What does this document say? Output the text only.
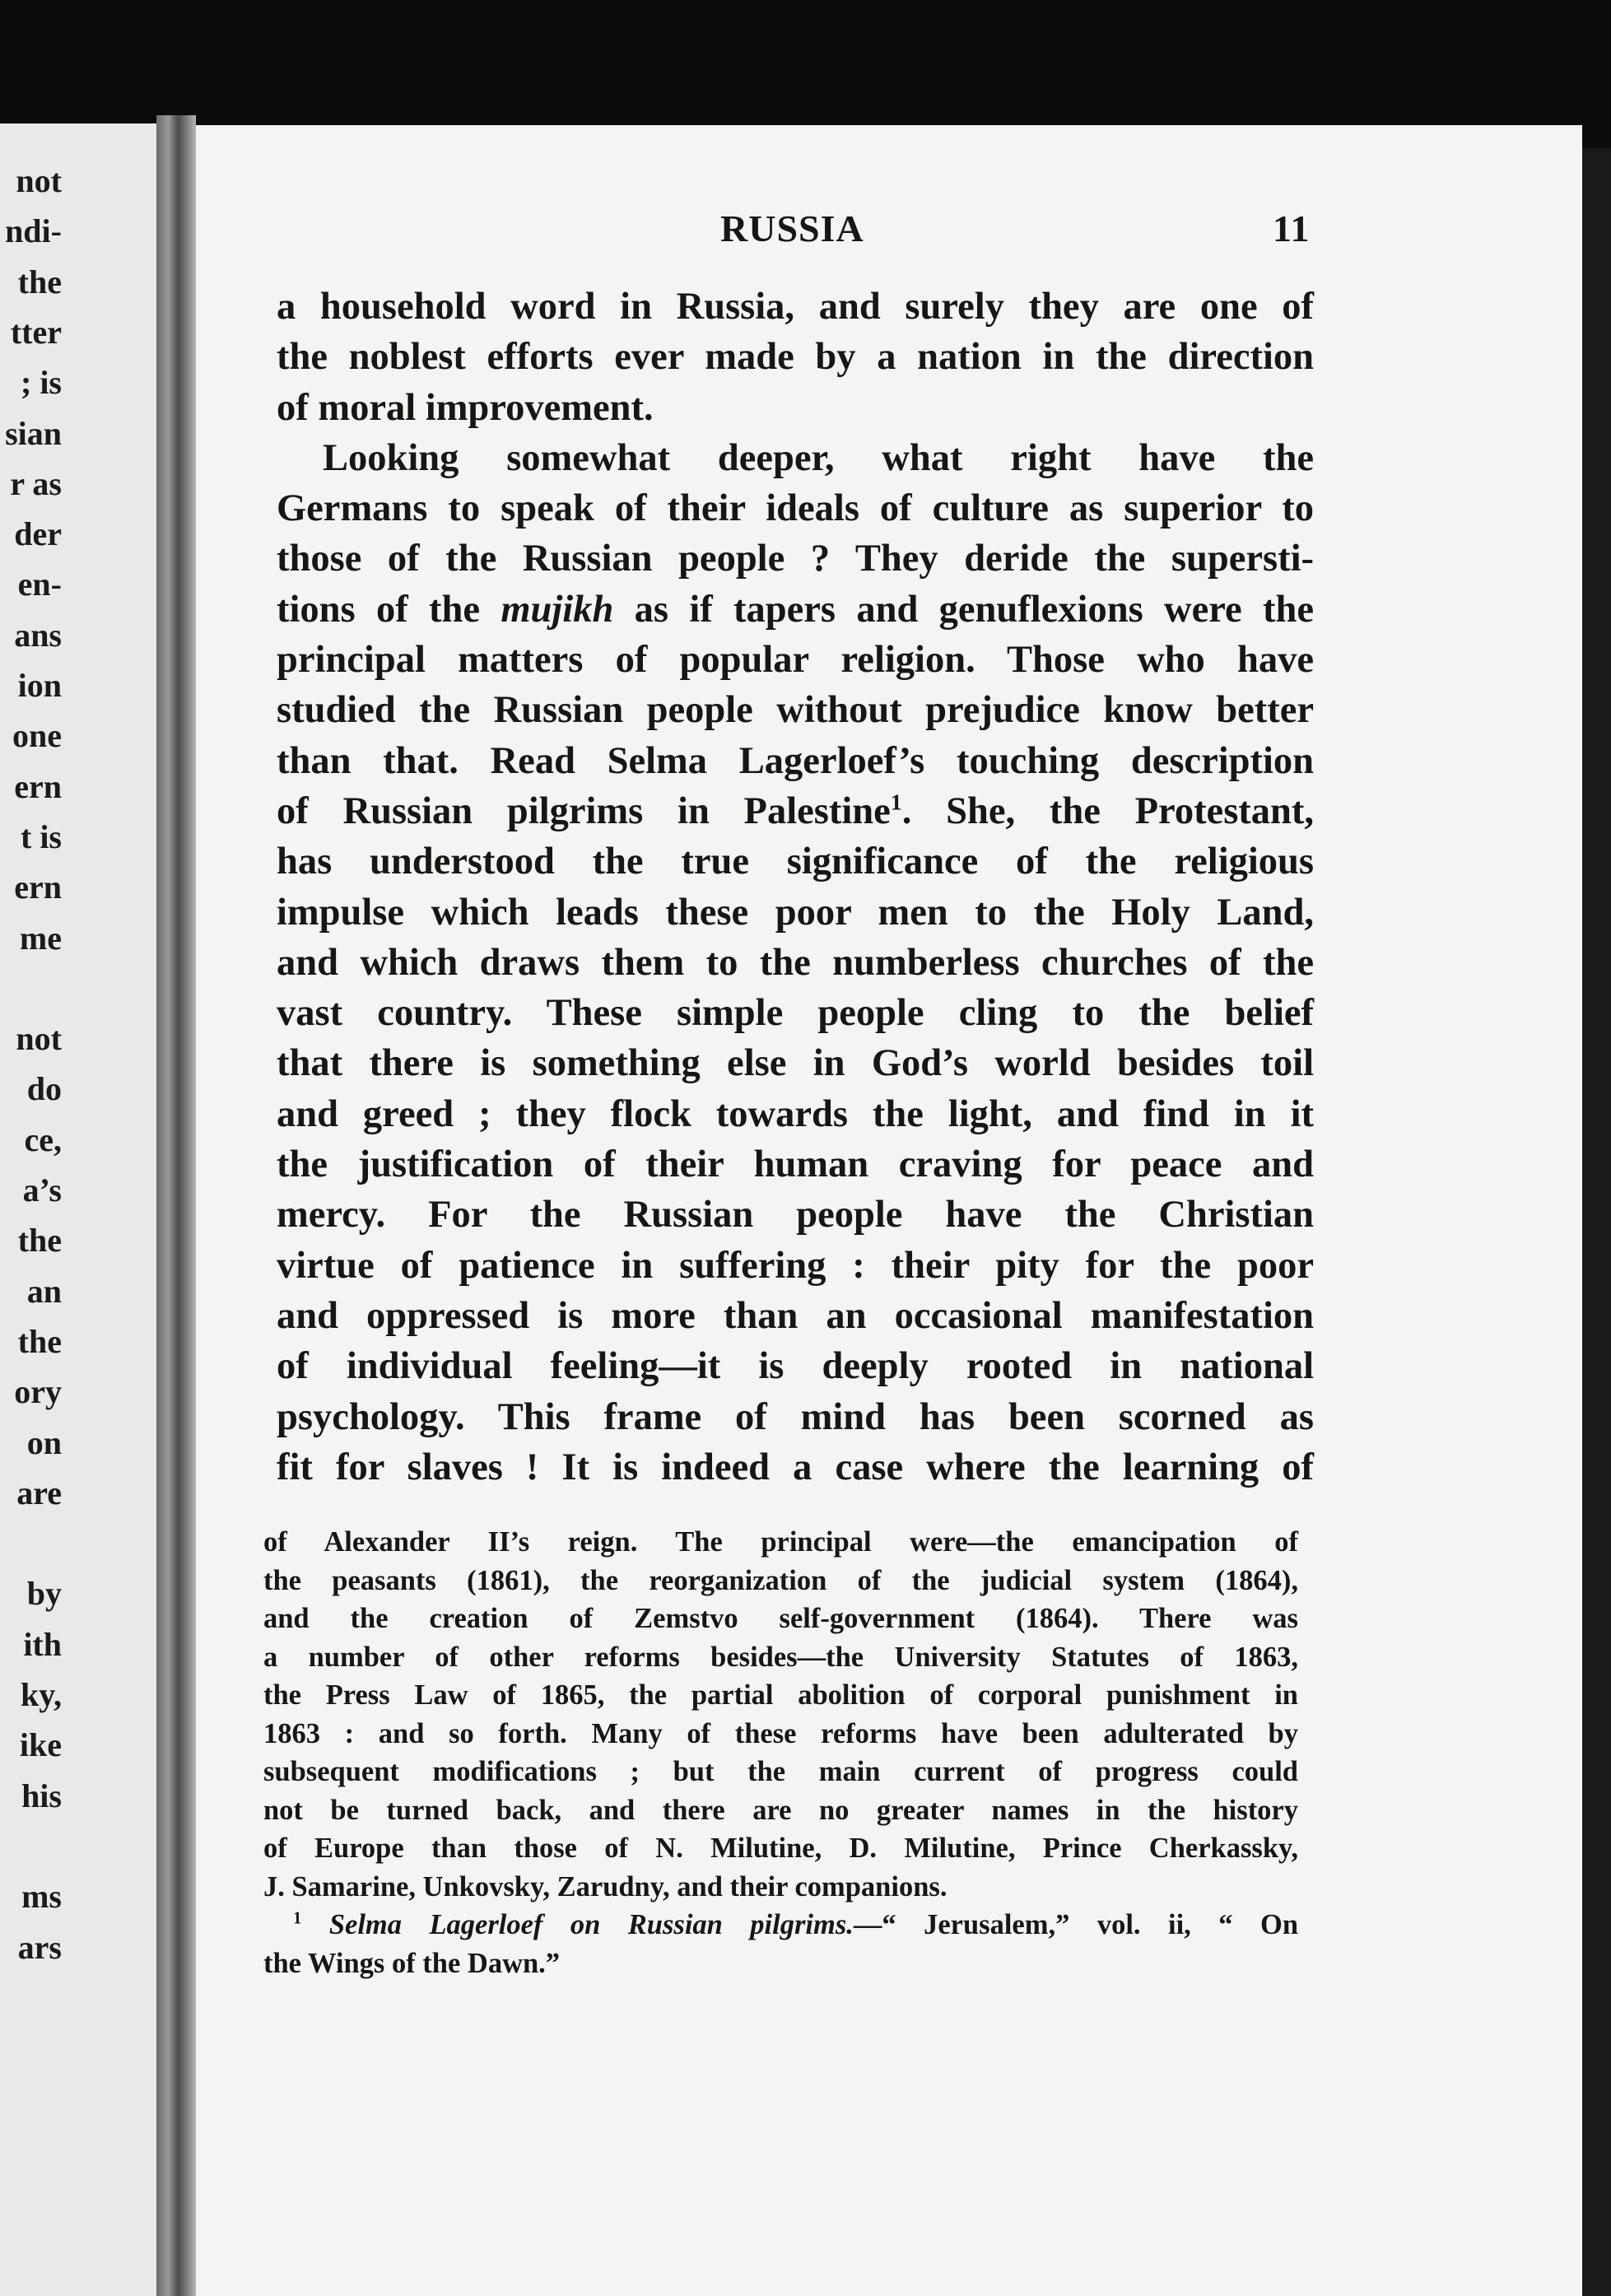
not
ndi-
the
tter
; is
sian
r as
der
en-
ans
ion
one
ern
t is
ern
me
not
do
ce,
a’s
the
an
the
ory
on
are
by
ith
ky,
ike
his
ms
ars
RUSSIA	11
a household word in Russia, and surely they are one of
the noblest efforts ever made by a nation in the direction
of moral improvement.
Looking somewhat deeper, what right have the
Germans to speak of their ideals of culture as superior to
those of the Russian people ? They deride the supersti-
tions of the mujikh as if tapers and genuflexions were the
principal matters of popular religion. Those who have
studied the Russian people without prejudice know better
than that. Read Selma Lagerloef’s touching description
of Russian pilgrims in Palestine$^1$. She, the Protestant,
has understood the true significance of the religious
impulse which leads these poor men to the Holy Land,
and which draws them to the numberless churches of the
vast country. These simple people cling to the belief
that there is something else in God’s world besides toil
and greed ; they flock towards the light, and find in it
the justification of their human craving for peace and
mercy. For the Russian people have the Christian
virtue of patience in suffering : their pity for the poor
and oppressed is more than an occasional manifestation
of individual feeling—it is deeply rooted in national
psychology. This frame of mind has been scorned as
fit for slaves ! It is indeed a case where the learning of
of Alexander II’s reign. The principal were—the emancipation of
the peasants (1861), the reorganization of the judicial system (1864),
and the creation of Zemstvo self-government (1864). There was
a number of other reforms besides—the University Statutes of 1863,
the Press Law of 1865, the partial abolition of corporal punishment in
1863 : and so forth. Many of these reforms have been adulterated by
subsequent modifications ; but the main current of progress could
not be turned back, and there are no greater names in the history
of Europe than those of N. Milutine, D. Milutine, Prince Cherkassky,
J. Samarine, Unkovsky, Zarudny, and their companions.
$^1$ Selma Lagerloef on Russian pilgrims.—“ Jerusalem,” vol. ii, “ On
the Wings of the Dawn.”
